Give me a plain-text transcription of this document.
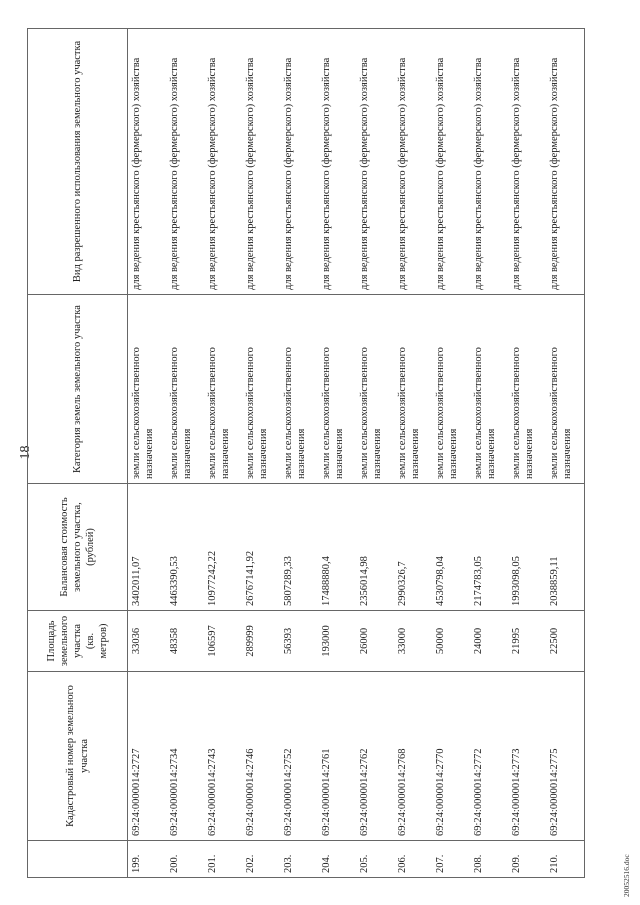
18
	Кадастровый номер земельного участка	Площадь земельного участка (кв. метров)	Балансовая стоимость земельного участка, (рублей)	Категория земель земельного участка	Вид разрешенного использования земельного участка
199.	69:24:0000014:2727	33036	3402011,07	земли сельскохозяйственного назначения	для ведения крестьянского (фермерского) хозяйства
200.	69:24:0000014:2734	48358	4463390,53	земли сельскохозяйственного назначения	для ведения крестьянского (фермерского) хозяйства
201.	69:24:0000014:2743	106597	10977242,22	земли сельскохозяйственного назначения	для ведения крестьянского (фермерского) хозяйства
202.	69:24:0000014:2746	289999	26767141,92	земли сельскохозяйственного назначения	для ведения крестьянского (фермерского) хозяйства
203.	69:24:0000014:2752	56393	5807289,33	земли сельскохозяйственного назначения	для ведения крестьянского (фермерского) хозяйства
204.	69:24:0000014:2761	193000	17488880,4	земли сельскохозяйственного назначения	для ведения крестьянского (фермерского) хозяйства
205.	69:24:0000014:2762	26000	2356014,98	земли сельскохозяйственного назначения	для ведения крестьянского (фермерского) хозяйства
206.	69:24:0000014:2768	33000	2990326,7	земли сельскохозяйственного назначения	для ведения крестьянского (фермерского) хозяйства
207.	69:24:0000014:2770	50000	4530798,04	земли сельскохозяйственного назначения	для ведения крестьянского (фермерского) хозяйства
208.	69:24:0000014:2772	24000	2174783,05	земли сельскохозяйственного назначения	для ведения крестьянского (фермерского) хозяйства
209.	69:24:0000014:2773	21995	1993098,05	земли сельскохозяйственного назначения	для ведения крестьянского (фермерского) хозяйства
210.	69:24:0000014:2775	22500	2038859,11	земли сельскохозяйственного назначения	для ведения крестьянского (фермерского) хозяйства
20052516.doc
